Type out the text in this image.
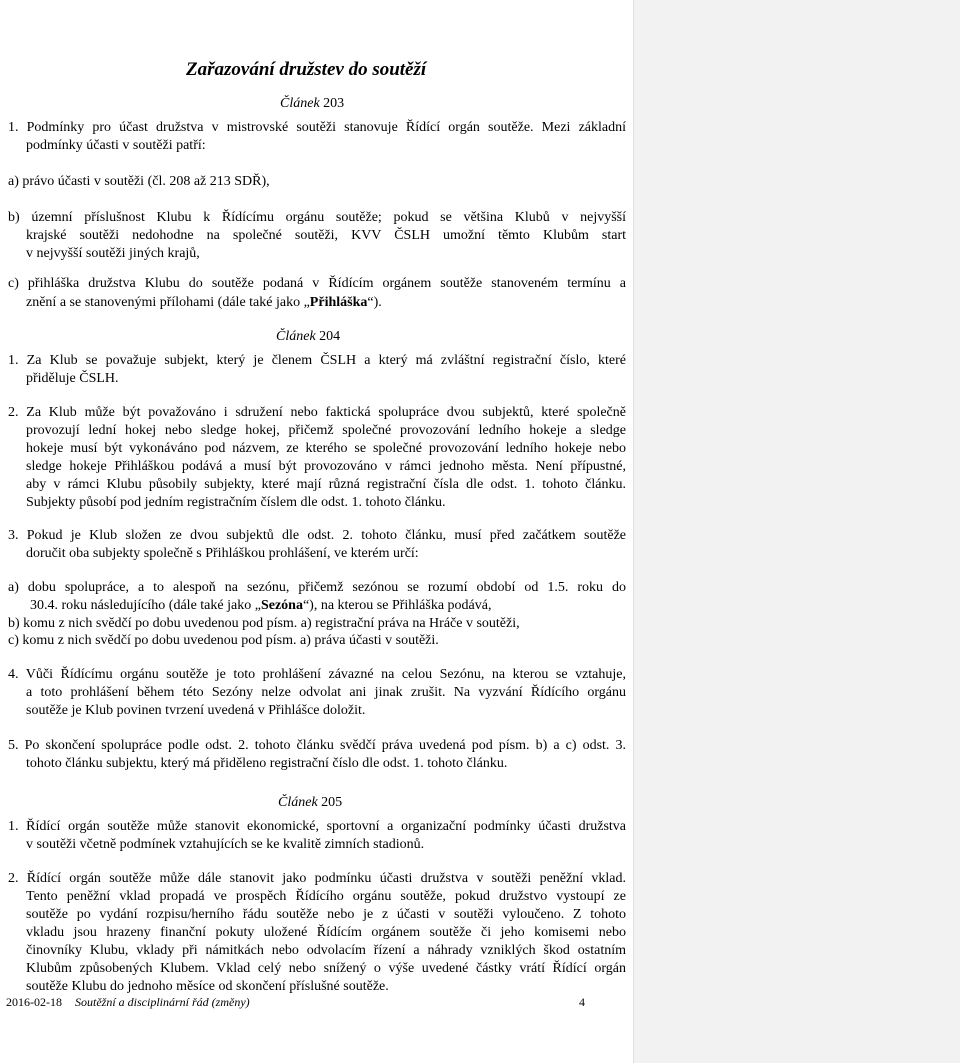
Zařazování družstev do soutěží
Článek 203
1. Podmínky pro účast družstva v mistrovské soutěži stanovuje Řídící orgán soutěže. Mezi základní
podmínky účasti v soutěži patří:
a) právo účasti v soutěži (čl. 208 až 213 SDŘ),
b) územní příslušnost Klubu k Řídícímu orgánu soutěže; pokud se většina Klubů v nejvyšší
krajské soutěži nedohodne na společné soutěži, KVV ČSLH umožní těmto Klubům start
v nejvyšší soutěži jiných krajů,
c) přihláška družstva Klubu do soutěže podaná v Řídícím orgánem soutěže stanoveném termínu a
znění a se stanovenými přílohami (dále také jako „Přihláška“).
Článek 204
1. Za Klub se považuje subjekt, který je členem ČSLH a který má zvláštní registrační číslo, které
přiděluje ČSLH.
2. Za Klub může být považováno i sdružení nebo faktická spolupráce dvou subjektů, které společně
provozují lední hokej nebo sledge hokej, přičemž společné provozování ledního hokeje a sledge
hokeje musí být vykonáváno pod názvem, ze kterého se společné provozování ledního hokeje nebo
sledge hokeje Přihláškou podává a musí být provozováno v rámci jednoho města. Není přípustné,
aby v rámci Klubu působily subjekty, které mají různá registrační čísla dle odst. 1. tohoto článku.
Subjekty působí pod jedním registračním číslem dle odst. 1. tohoto článku.
3. Pokud je Klub složen ze dvou subjektů dle odst. 2. tohoto článku, musí před začátkem soutěže
doručit oba subjekty společně s Přihláškou prohlášení, ve kterém určí:
a) dobu spolupráce, a to alespoň na sezónu, přičemž sezónou se rozumí období od 1.5. roku do
30.4. roku následujícího (dále také jako „Sezóna“), na kterou se Přihláška podává,
b) komu z nich svědčí po dobu uvedenou pod písm. a) registrační práva na Hráče v soutěži,
c) komu z nich svědčí po dobu uvedenou pod písm. a) práva účasti v soutěži.
4. Vůči Řídícímu orgánu soutěže je toto prohlášení závazné na celou Sezónu, na kterou se vztahuje,
a toto prohlášení během této Sezóny nelze odvolat ani jinak zrušit. Na vyzvání Řídícího orgánu
soutěže je Klub povinen tvrzení uvedená v Přihlášce doložit.
5. Po skončení spolupráce podle odst. 2. tohoto článku svědčí práva uvedená pod písm. b) a c) odst. 3.
tohoto článku subjektu, který má přiděleno registrační číslo dle odst. 1. tohoto článku.
Článek 205
1. Řídící orgán soutěže může stanovit ekonomické, sportovní a organizační podmínky účasti družstva
v soutěži včetně podmínek vztahujících se ke kvalitě zimních stadionů.
2. Řídící orgán soutěže může dále stanovit jako podmínku účasti družstva v soutěži peněžní vklad.
Tento peněžní vklad propadá ve prospěch Řídícího orgánu soutěže, pokud družstvo vystoupí ze
soutěže po vydání rozpisu/herního řádu soutěže nebo je z účasti v soutěži vyloučeno. Z tohoto
vkladu jsou hrazeny finanční pokuty uložené Řídícím orgánem soutěže či jeho komisemi nebo
činovníky Klubu, vklady při námitkách nebo odvolacím řízení a náhrady vzniklých škod ostatním
Klubům způsobených Klubem. Vklad celý nebo snížený o výše uvedené částky vrátí Řídící orgán
soutěže Klubu do jednoho měsíce od skončení příslušné soutěže.
2016-02-18 Soutěžní a disciplinární řád (změny)	4
